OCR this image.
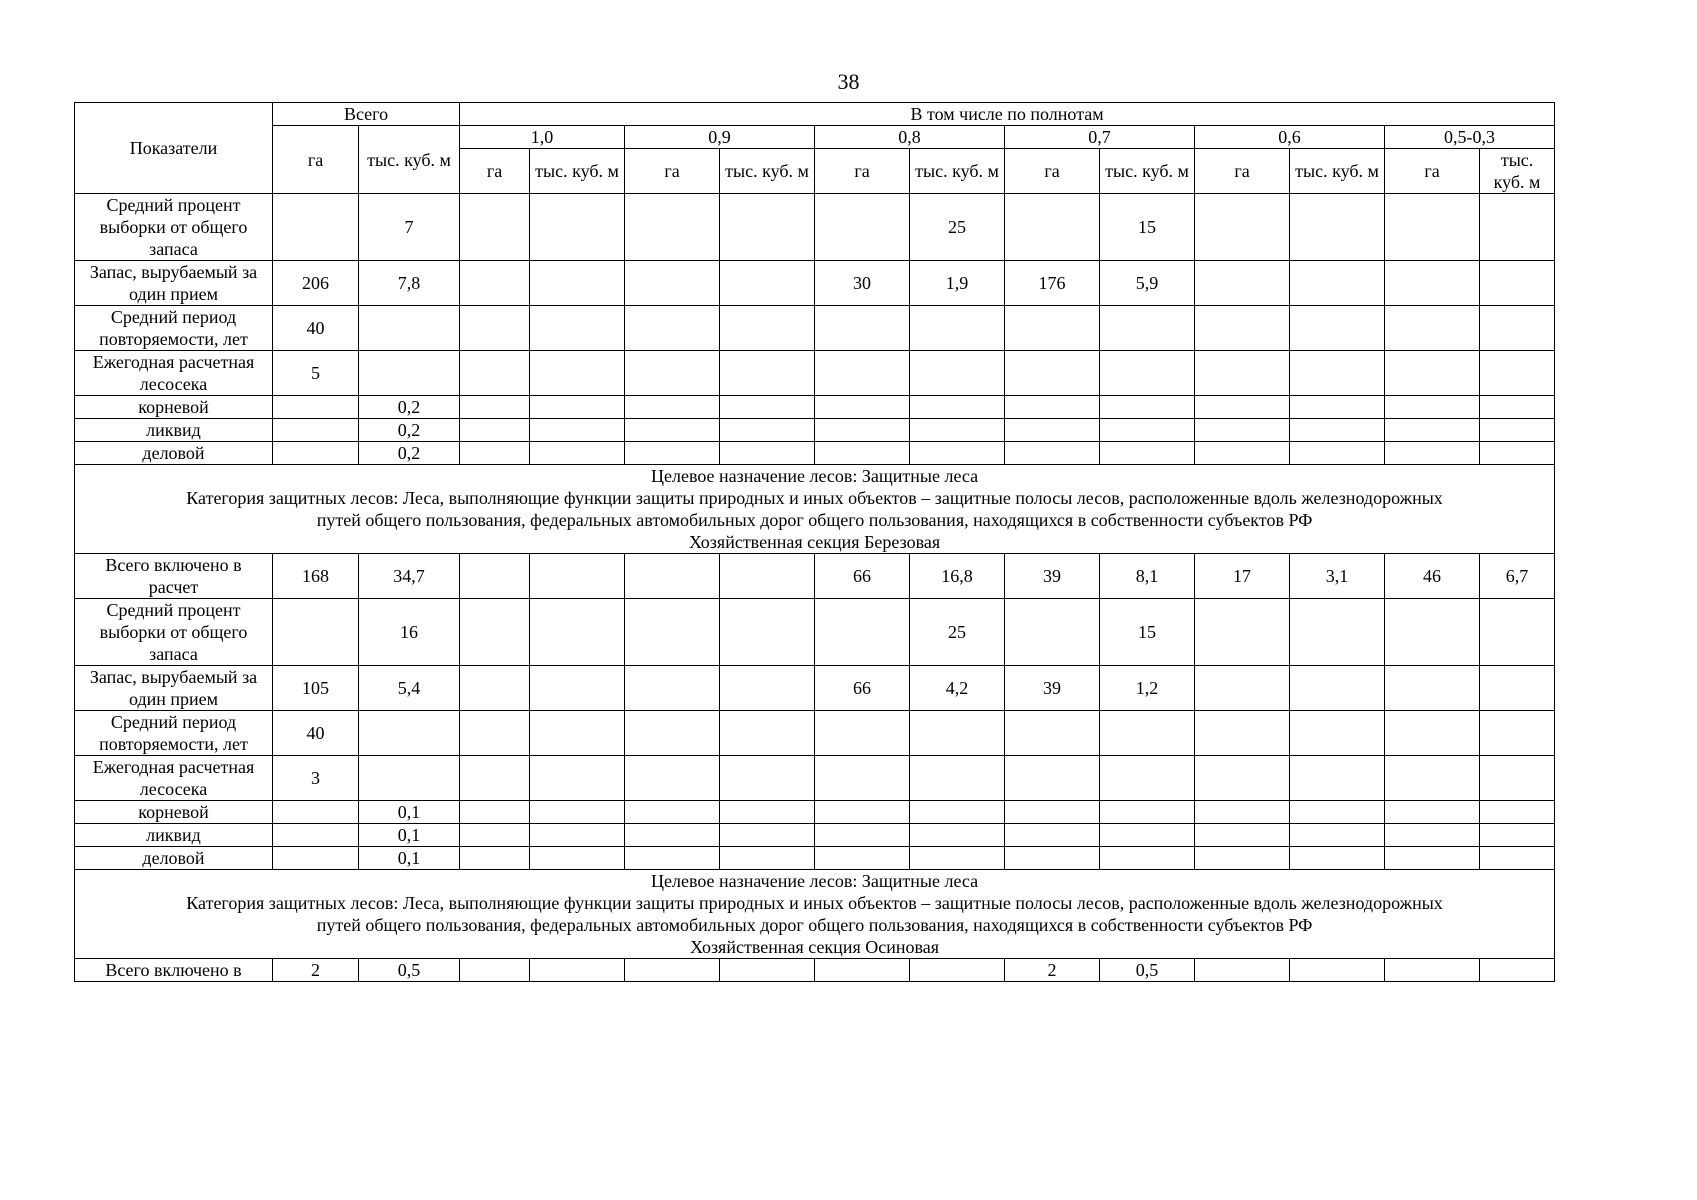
38
Показатели	Всего		В том числе по полнотам											
	га	тыс. куб. м	1,0		0,9		0,8		0,7		0,6		0,5-0,3	
			га	тыс. куб. м	га	тыс. куб. м	га	тыс. куб. м	га	тыс. куб. м	га	тыс. куб. м	га	тыс. куб. м
Средний процент выборки от общего запаса		7						25		15				
Запас, вырубаемый за один прием	206	7,8					30	1,9	176	5,9				
Средний период повторяемости, лет	40													
Ежегодная расчетная лесосека	5													
корневой		0,2												
ликвид		0,2												
деловой		0,2												

Целевое назначение лесов: Защитные леса
Категория защитных лесов: Леса, выполняющие функции защиты природных и иных объектов – защитные полосы лесов, расположенные вдоль железнодорожных
путей общего пользования, федеральных автомобильных дорог общего пользования, находящихся в собственности субъектов РФ
Хозяйственная секция Березовая														

Всего включено в расчет	168	34,7					66	16,8	39	8,1	17	3,1	46	6,7
Средний процент выборки от общего запаса		16						25		15				
Запас, вырубаемый за один прием	105	5,4					66	4,2	39	1,2				
Средний период повторяемости, лет	40													
Ежегодная расчетная лесосека	3													
корневой		0,1												
ликвид		0,1												
деловой		0,1												

Целевое назначение лесов: Защитные леса
Категория защитных лесов: Леса, выполняющие функции защиты природных и иных объектов – защитные полосы лесов, расположенные вдоль железнодорожных
путей общего пользования, федеральных автомобильных дорог общего пользования, находящихся в собственности субъектов РФ
Хозяйственная секция Осиновая														

Всего включено в	2	0,5							2	0,5				
